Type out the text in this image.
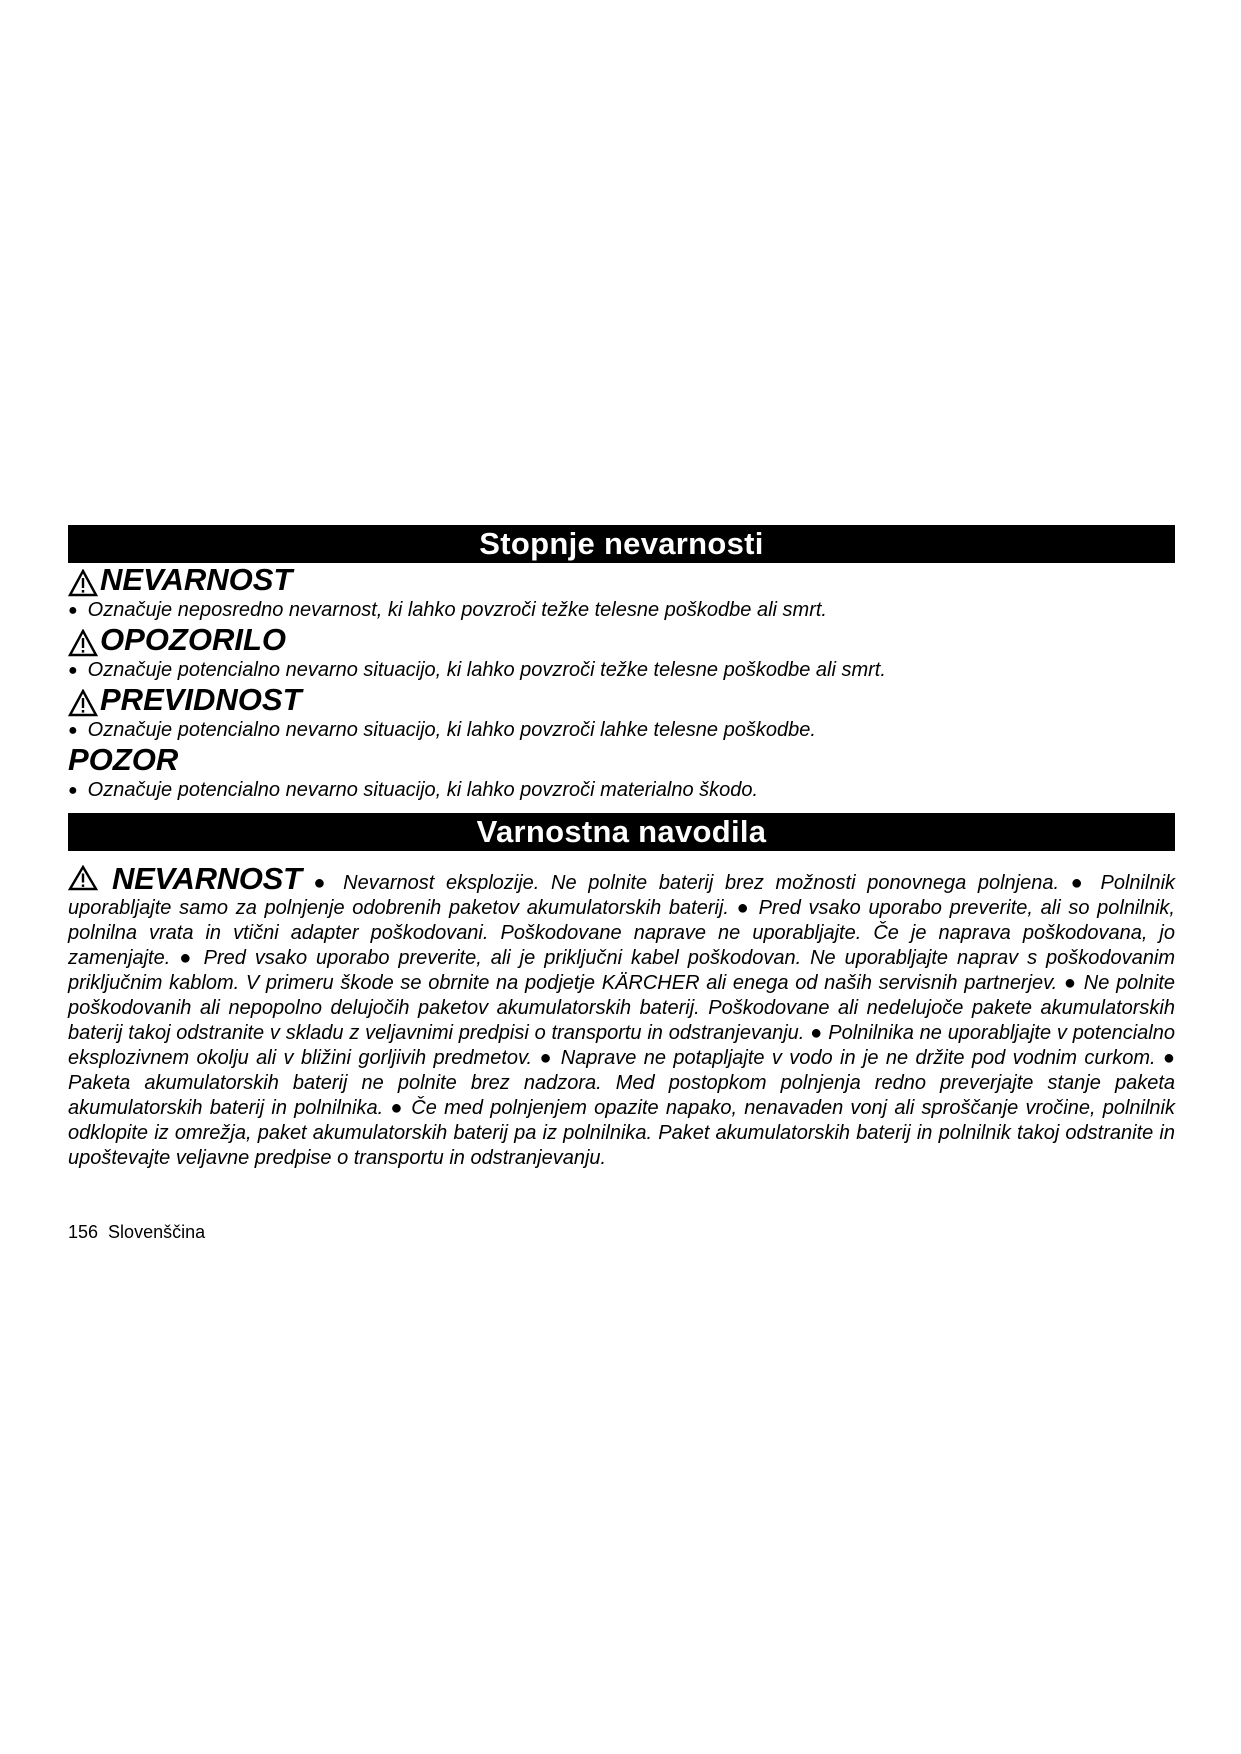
Stopnje nevarnosti
NEVARNOST
● Označuje neposredno nevarnost, ki lahko povzroči težke telesne poškodbe ali smrt.
OPOZORILO
● Označuje potencialno nevarno situacijo, ki lahko povzroči težke telesne poškodbe ali smrt.
PREVIDNOST
● Označuje potencialno nevarno situacijo, ki lahko povzroči lahke telesne poškodbe.
POZOR
● Označuje potencialno nevarno situacijo, ki lahko povzroči materialno škodo.
Varnostna navodila
NEVARNOST ● Nevarnost eksplozije. Ne polnite baterij brez možnosti ponovnega polnjena. ● Polnilnik uporabljajte samo za polnjenje odobrenih paketov akumulatorskih baterij. ● Pred vsako uporabo preverite, ali so polnilnik, polnilna vrata in vtični adapter poškodovani. Poškodovane naprave ne uporabljajte. Če je naprava poškodovana, jo zamenjajte. ● Pred vsako uporabo preverite, ali je priključni kabel poškodovan. Ne uporabljajte naprav s poškodovanim priključnim kablom. V primeru škode se obrnite na podjetje KÄRCHER ali enega od naših servisnih partnerjev. ● Ne polnite poškodovanih ali nepopolno delujočih paketov akumulatorskih baterij. Poškodovane ali nedelujoče pakete akumulatorskih baterij takoj odstranite v skladu z veljavnimi predpisi o transportu in odstranjevanju. ● Polnilnika ne uporabljajte v potencialno eksplozivnem okolju ali v bližini gorljivih predmetov. ● Naprave ne potapljajte v vodo in je ne držite pod vodnim curkom. ● Paketa akumulatorskih baterij ne polnite brez nadzora. Med postopkom polnjenja redno preverjajte stanje paketa akumulatorskih baterij in polnilnika. ● Če med polnjenjem opazite napako, nenavaden vonj ali sproščanje vročine, polnilnik odklopite iz omrežja, paket akumulatorskih baterij pa iz polnilnika. Paket akumulatorskih baterij in polnilnik takoj odstranite in upoštevajte veljavne predpise o transportu in odstranjevanju.
156 Slovenščina
